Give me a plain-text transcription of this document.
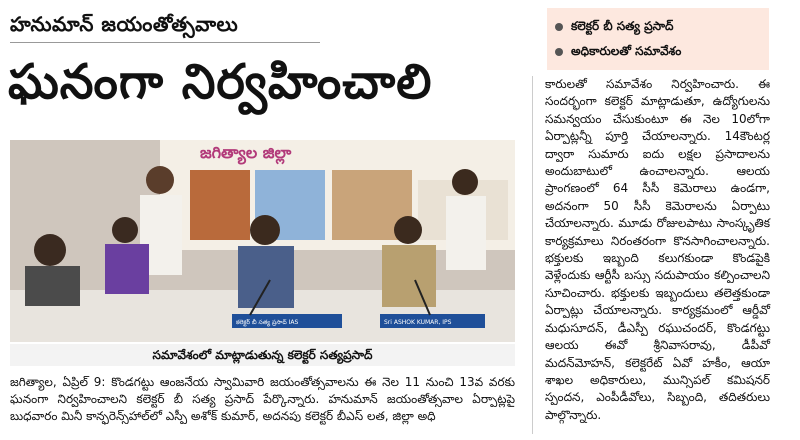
హనుమాన్ జయంతోత్సవాలు
ఘనంగా నిర్వహించాలి
జగిత్యాల జిల్లా
కలెక్టర్ బీ సత్య ప్రసాద్ IAS	Sri ASHOK KUMAR, IPS
సమావేశంలో మాట్లాడుతున్న కలెక్టర్ సత్యప్రసాద్

జగిత్యాల, ఏప్రిల్ 9: కొండగట్టు ఆంజనేయ స్వామివారి జయంతోత్సవాలను ఈ నెల 11 నుంచి 13వ వరకు ఘనంగా నిర్వహించాలని కలెక్టర్ బీ సత్య ప్రసాద్ పేర్కొన్నారు. హనుమాన్ జయంతోత్సవాల ఏర్పాట్లపై బుధవారం మినీ కాన్ఫరెన్స్‌హాల్‌లో ఎస్పీ అశోక్ కుమార్, అదనపు కలెక్టర్ బీఎస్ లత, జిల్లా అధి

కలెక్టర్ బీ సత్య ప్రసాద్
అధికారులతో సమావేశం

కారులతో సమావేశం నిర్వహించారు. ఈ సందర్భంగా కలెక్టర్ మాట్లాడుతూ, ఉద్యోగులను సమన్వయం చేసుకుంటూ ఈ నెల 10లోగా ఏర్పాట్లన్నీ పూర్తి చేయాలన్నారు. 14కౌంటర్ల ద్వారా సుమారు ఐదు లక్షల ప్రసాదాలను అందుబాటులో ఉంచాలన్నారు. ఆలయ ప్రాంగణంలో 64 సీసీ కెమెరాలు ఉండగా, అదనంగా 50 సీసీ కెమెరాలను ఏర్పాటు చేయాలన్నారు. మూడు రోజులపాటు సాంస్కృతిక కార్యక్రమాలు నిరంతరంగా కొనసాగించాలన్నారు. భక్తులకు ఇబ్బంది కలుగకుండా కొండపైకి వెళ్లేందుకు ఆర్టీసీ బస్సు సదుపాయం కల్పించాలని సూచించారు. భక్తులకు ఇబ్బందులు తలెత్తకుండా ఏర్పాట్లు చేయాలన్నారు. కార్యక్రమంలో ఆర్డీవో మధుసూదన్, డీఎస్పీ రఘుచందర్, కొండగట్టు ఆలయ ఈవో శ్రీనివాసరావు, డీపీవో మదన్‌మోహన్, కలెక్టరేట్ ఏవో హకీం, ఆయా శాఖల అధికారులు, మున్సిపల్ కమిషనర్ స్పందన, ఎంపీడీవోలు, సిబ్బంది, తదితరులు పాల్గొన్నారు.
